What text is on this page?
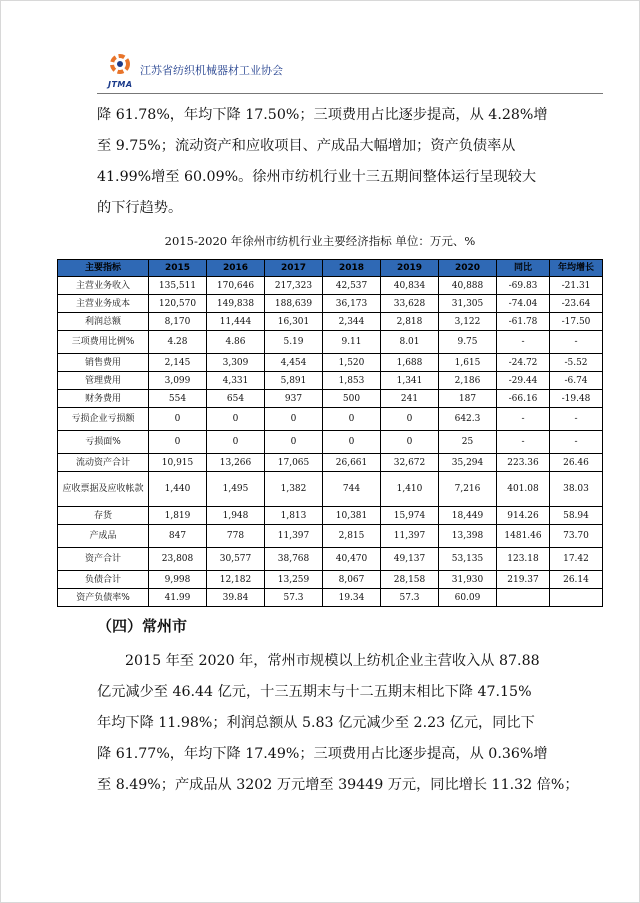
JTMA
江苏省纺织机械器材工业协会
降 61.78%，年均下降 17.50%；三项费用占比逐步提高，从 4.28%增
至 9.75%；流动资产和应收项目、产成品大幅增加；资产负债率从
41.99%增至 60.09%。徐州市纺机行业十三五期间整体运行呈现较大
的下行趋势。
2015-2020 年徐州市纺机行业主要经济指标 单位：万元、%
主要指标	2015	2016	2017	2018	2019	2020	同比	年均增长
主营业务收入	135,511	170,646	217,323	42,537	40,834	40,888	-69.83	-21.31
主营业务成本	120,570	149,838	188,639	36,173	33,628	31,305	-74.04	-23.64
利润总额	8,170	11,444	16,301	2,344	2,818	3,122	-61.78	-17.50
三项费用比例%	4.28	4.86	5.19	9.11	8.01	9.75	-	-
销售费用	2,145	3,309	4,454	1,520	1,688	1,615	-24.72	-5.52
管理费用	3,099	4,331	5,891	1,853	1,341	2,186	-29.44	-6.74
财务费用	554	654	937	500	241	187	-66.16	-19.48
亏损企业亏损额	0	0	0	0	0	642.3	-	-
亏损面%	0	0	0	0	0	25	-	-
流动资产合计	10,915	13,266	17,065	26,661	32,672	35,294	223.36	26.46
应收票据及应收帐款	1,440	1,495	1,382	744	1,410	7,216	401.08	38.03
存货	1,819	1,948	1,813	10,381	15,974	18,449	914.26	58.94
产成品	847	778	11,397	2,815	11,397	13,398	1481.46	73.70
资产合计	23,808	30,577	38,768	40,470	49,137	53,135	123.18	17.42
负债合计	9,998	12,182	13,259	8,067	28,158	31,930	219.37	26.14
资产负债率%	41.99	39.84	57.3	19.34	57.3	60.09		
（四）常州市
2015 年至 2020 年，常州市规模以上纺机企业主营收入从 87.88
亿元减少至 46.44 亿元，十三五期末与十二五期末相比下降 47.15%
年均下降 11.98%；利润总额从 5.83 亿元减少至 2.23 亿元，同比下
降 61.77%，年均下降 17.49%；三项费用占比逐步提高，从 0.36%增
至 8.49%；产成品从 3202 万元增至 39449 万元，同比增长 11.32 倍%；
